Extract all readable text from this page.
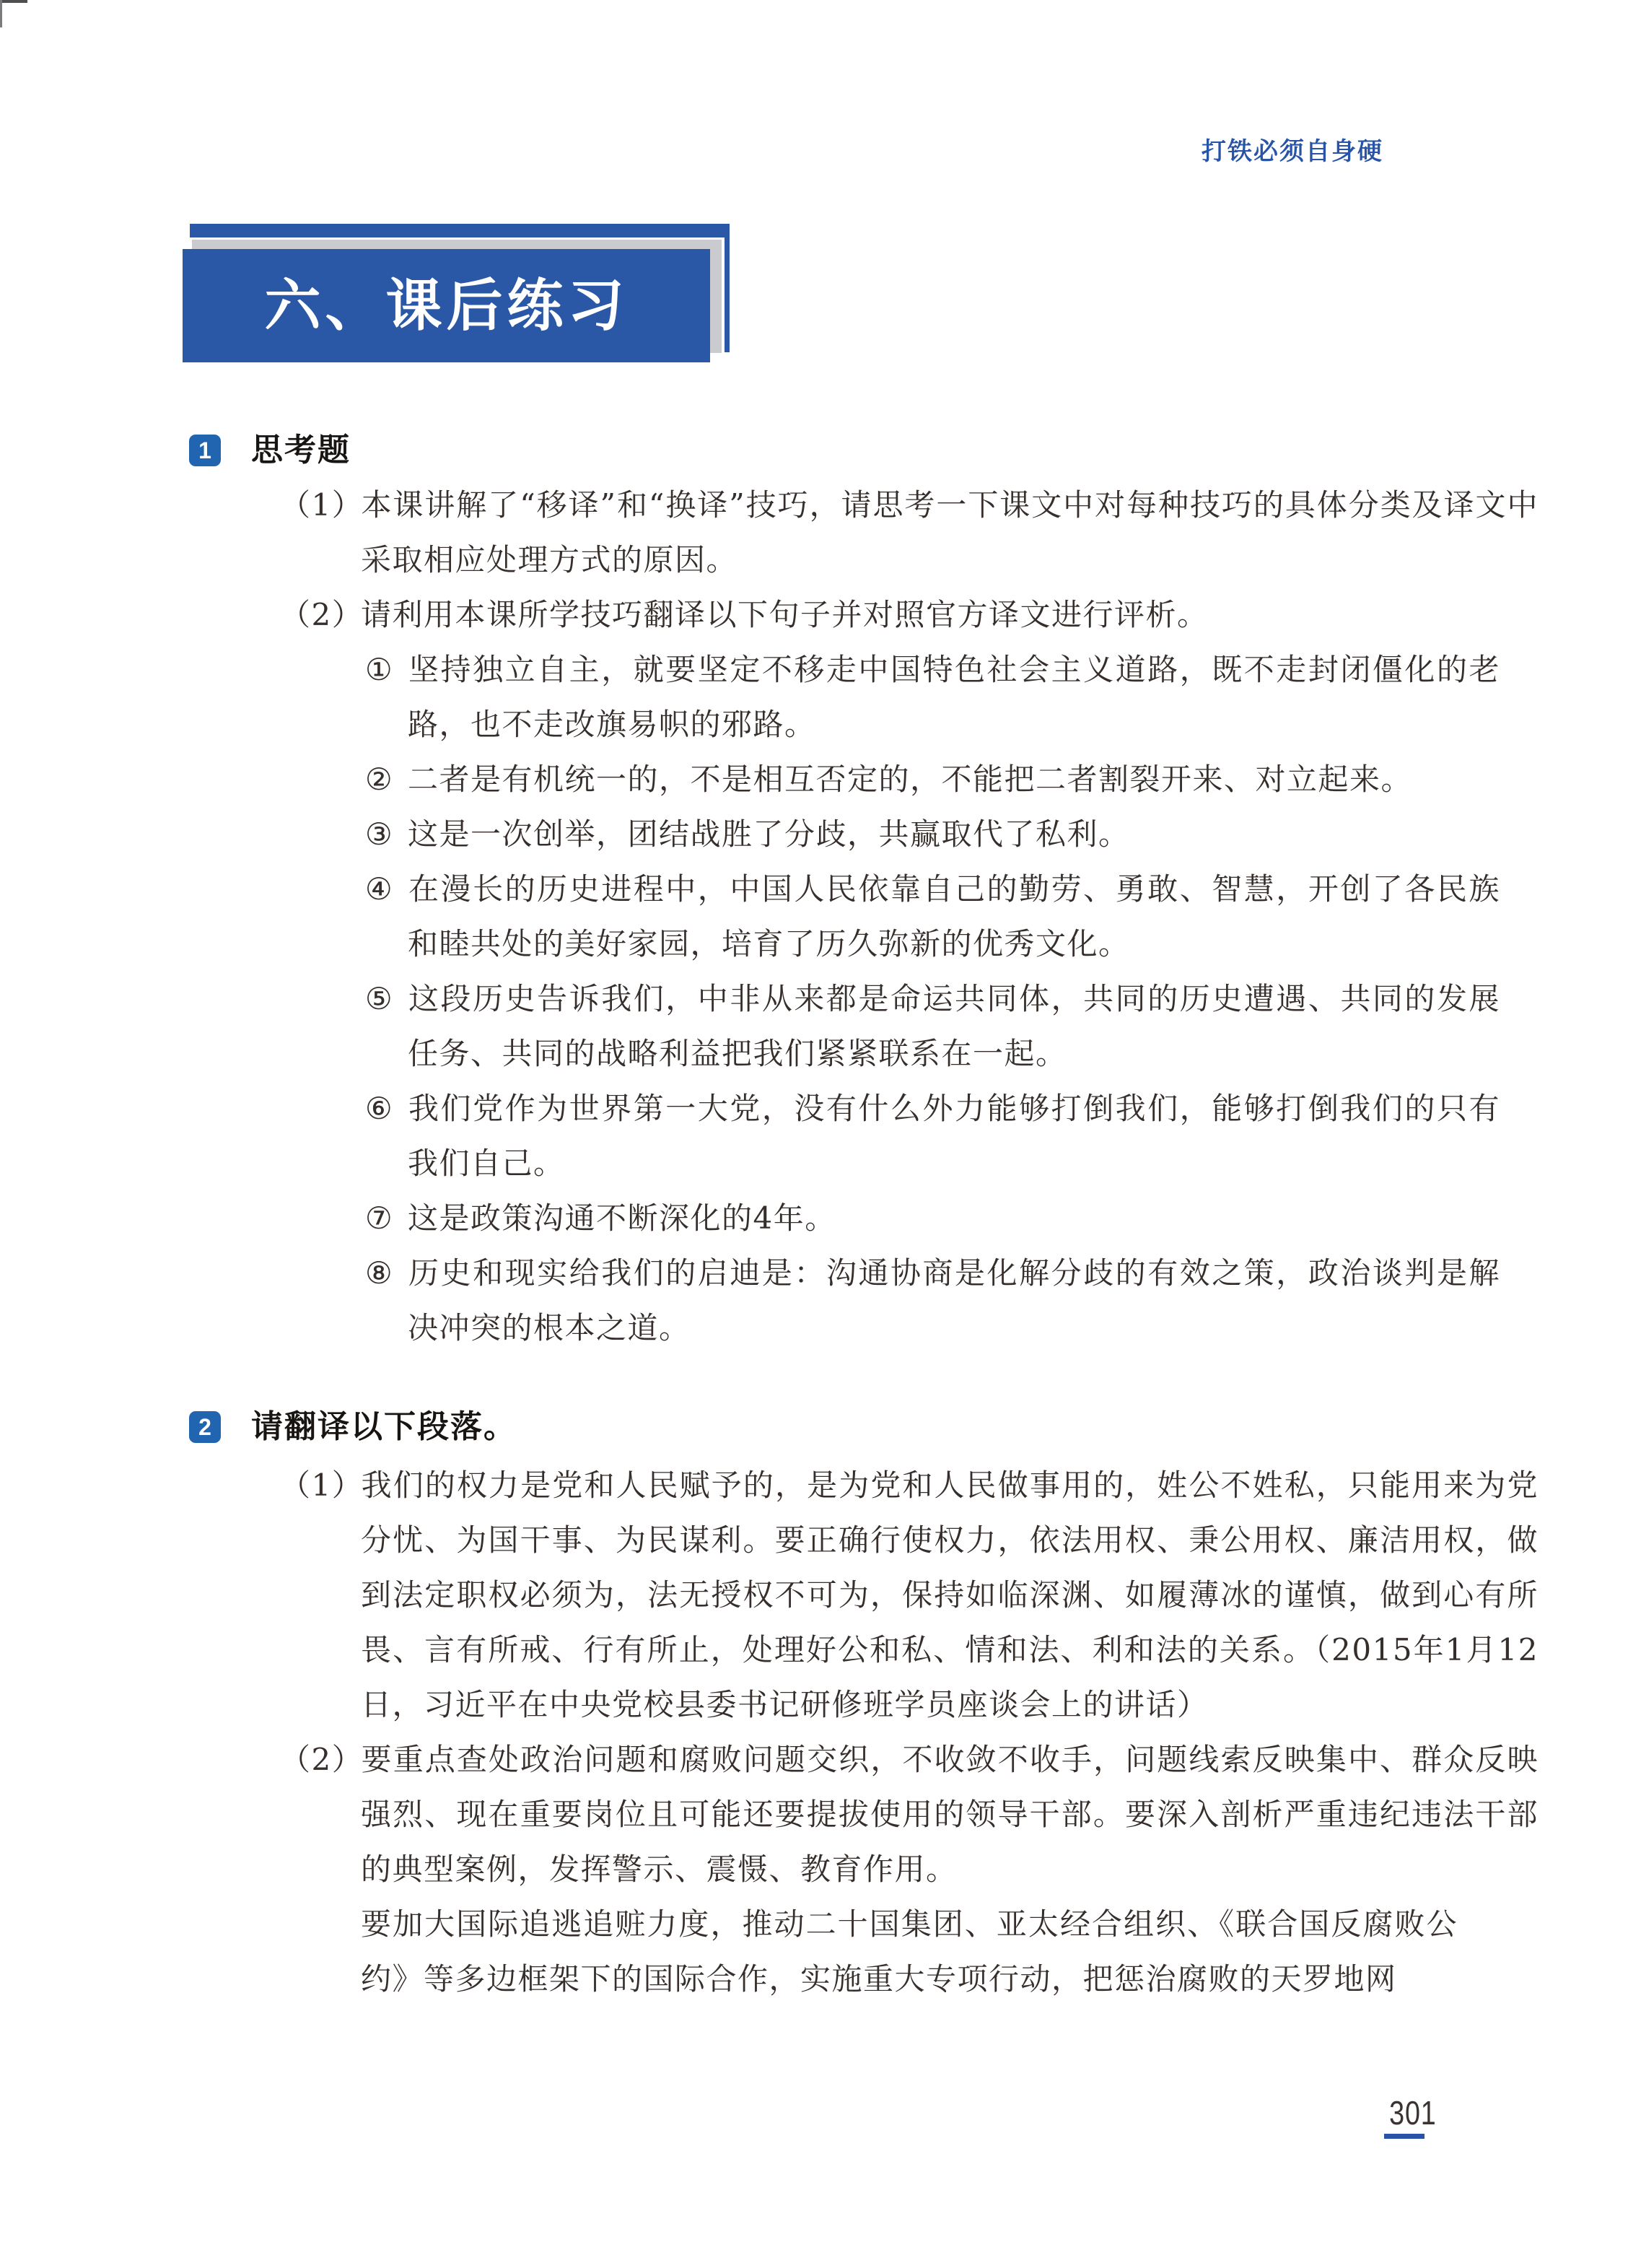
打铁必须自身硬
六、课后练习
1 思考题
（1）本课讲解了“移译”和“换译”技巧，请思考一下课文中对每种技巧的具体分类及译文中采取相应处理方式的原因。
（2）请利用本课所学技巧翻译以下句子并对照官方译文进行评析。
① 坚持独立自主，就要坚定不移走中国特色社会主义道路，既不走封闭僵化的老路，也不走改旗易帜的邪路。
② 二者是有机统一的，不是相互否定的，不能把二者割裂开来、对立起来。
③ 这是一次创举，团结战胜了分歧，共赢取代了私利。
④ 在漫长的历史进程中，中国人民依靠自己的勤劳、勇敢、智慧，开创了各民族和睦共处的美好家园，培育了历久弥新的优秀文化。
⑤ 这段历史告诉我们，中非从来都是命运共同体，共同的历史遭遇、共同的发展任务、共同的战略利益把我们紧紧联系在一起。
⑥ 我们党作为世界第一大党，没有什么外力能够打倒我们，能够打倒我们的只有我们自己。
⑦ 这是政策沟通不断深化的4年。
⑧ 历史和现实给我们的启迪是：沟通协商是化解分歧的有效之策，政治谈判是解决冲突的根本之道。
2 请翻译以下段落。
（1）我们的权力是党和人民赋予的，是为党和人民做事用的，姓公不姓私，只能用来为党分忧、为国干事、为民谋利。要正确行使权力，依法用权、秉公用权、廉洁用权，做到法定职权必须为，法无授权不可为，保持如临深渊、如履薄冰的谨慎，做到心有所畏、言有所戒、行有所止，处理好公和私、情和法、利和法的关系。（2015年1月12日，习近平在中央党校县委书记研修班学员座谈会上的讲话）
（2）要重点查处政治问题和腐败问题交织，不收敛不收手，问题线索反映集中、群众反映强烈、现在重要岗位且可能还要提拔使用的领导干部。要深入剖析严重违纪违法干部的典型案例，发挥警示、震慑、教育作用。
要加大国际追逃追赃力度，推动二十国集团、亚太经合组织、《联合国反腐败公约》等多边框架下的国际合作，实施重大专项行动，把惩治腐败的天罗地网
301
